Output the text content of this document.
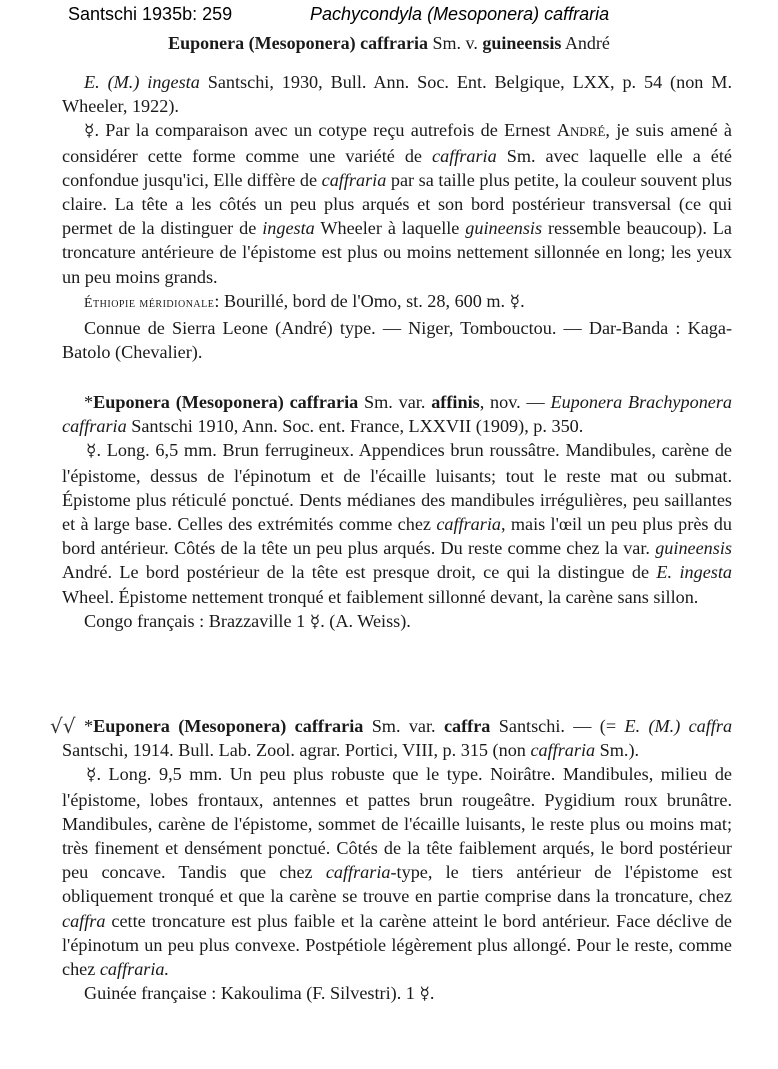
Santschi 1935b: 259	Pachycondyla (Mesoponera) caffraria
Euponera (Mesoponera) caffraria Sm. v. guineensis André

E. (M.) ingesta Santschi, 1930, Bull. Ann. Soc. Ent. Belgique, LXX, p. 54 (non M. Wheeler, 1922).

☿. Par la comparaison avec un cotype reçu autrefois de Ernest André, je suis amené à considérer cette forme comme une variété de caffraria Sm. avec laquelle elle a été confondue jusqu'ici, Elle diffère de caffraria par sa taille plus petite, la couleur souvent plus claire. La tête a les côtés un peu plus arqués et son bord postérieur transversal (ce qui permet de la distinguer de ingesta Wheeler à laquelle guineensis ressemble beaucoup). La troncature antérieure de l'épistome est plus ou moins nettement sillonnée en long; les yeux un peu moins grands.

Éthiopie méridionale: Bourillé, bord de l'Omo, st. 28, 600 m. ☿.

Connue de Sierra Leone (André) type. — Niger, Tombouctou. — Dar-Banda : Kaga-Batolo (Chevalier).

*Euponera (Mesoponera) caffraria Sm. var. affinis, nov. — Euponera Brachyponera caffraria Santschi 1910, Ann. Soc. ent. France, LXXVII (1909), p. 350.

☿. Long. 6,5 mm. Brun ferrugineux. Appendices brun roussâtre. Mandibules, carène de l'épistome, dessus de l'épinotum et de l'écaille luisants; tout le reste mat ou submat. Épistome plus réticulé ponctué. Dents médianes des mandibules irrégulières, peu saillantes et à large base. Celles des extrémités comme chez caffraria, mais l'œil un peu plus près du bord antérieur. Côtés de la tête un peu plus arqués. Du reste comme chez la var. guineensis André. Le bord postérieur de la tête est presque droit, ce qui la distingue de E. ingesta Wheel. Épistome nettement tronqué et faiblement sillonné devant, la carène sans sillon.

Congo français : Brazzaville 1 ☿. (A. Weiss).

√√ *Euponera (Mesoponera) caffraria Sm. var. caffra Santschi. — (= E. (M.) caffra Santschi, 1914. Bull. Lab. Zool. agrar. Portici, VIII, p. 315 (non caffraria Sm.).

☿. Long. 9,5 mm. Un peu plus robuste que le type. Noirâtre. Mandibules, milieu de l'épistome, lobes frontaux, antennes et pattes brun rougeâtre. Pygidium roux brunâtre. Mandibules, carène de l'épistome, sommet de l'écaille luisants, le reste plus ou moins mat; très finement et densément ponctué. Côtés de la tête faiblement arqués, le bord postérieur peu concave. Tandis que chez caffraria-type, le tiers antérieur de l'épistome est obliquement tronqué et que la carène se trouve en partie comprise dans la troncature, chez caffra cette troncature est plus faible et la carène atteint le bord antérieur. Face déclive de l'épinotum un peu plus convexe. Postpétiole légèrement plus allongé. Pour le reste, comme chez caffraria.

Guinée française : Kakoulima (F. Silvestri). 1 ☿.
